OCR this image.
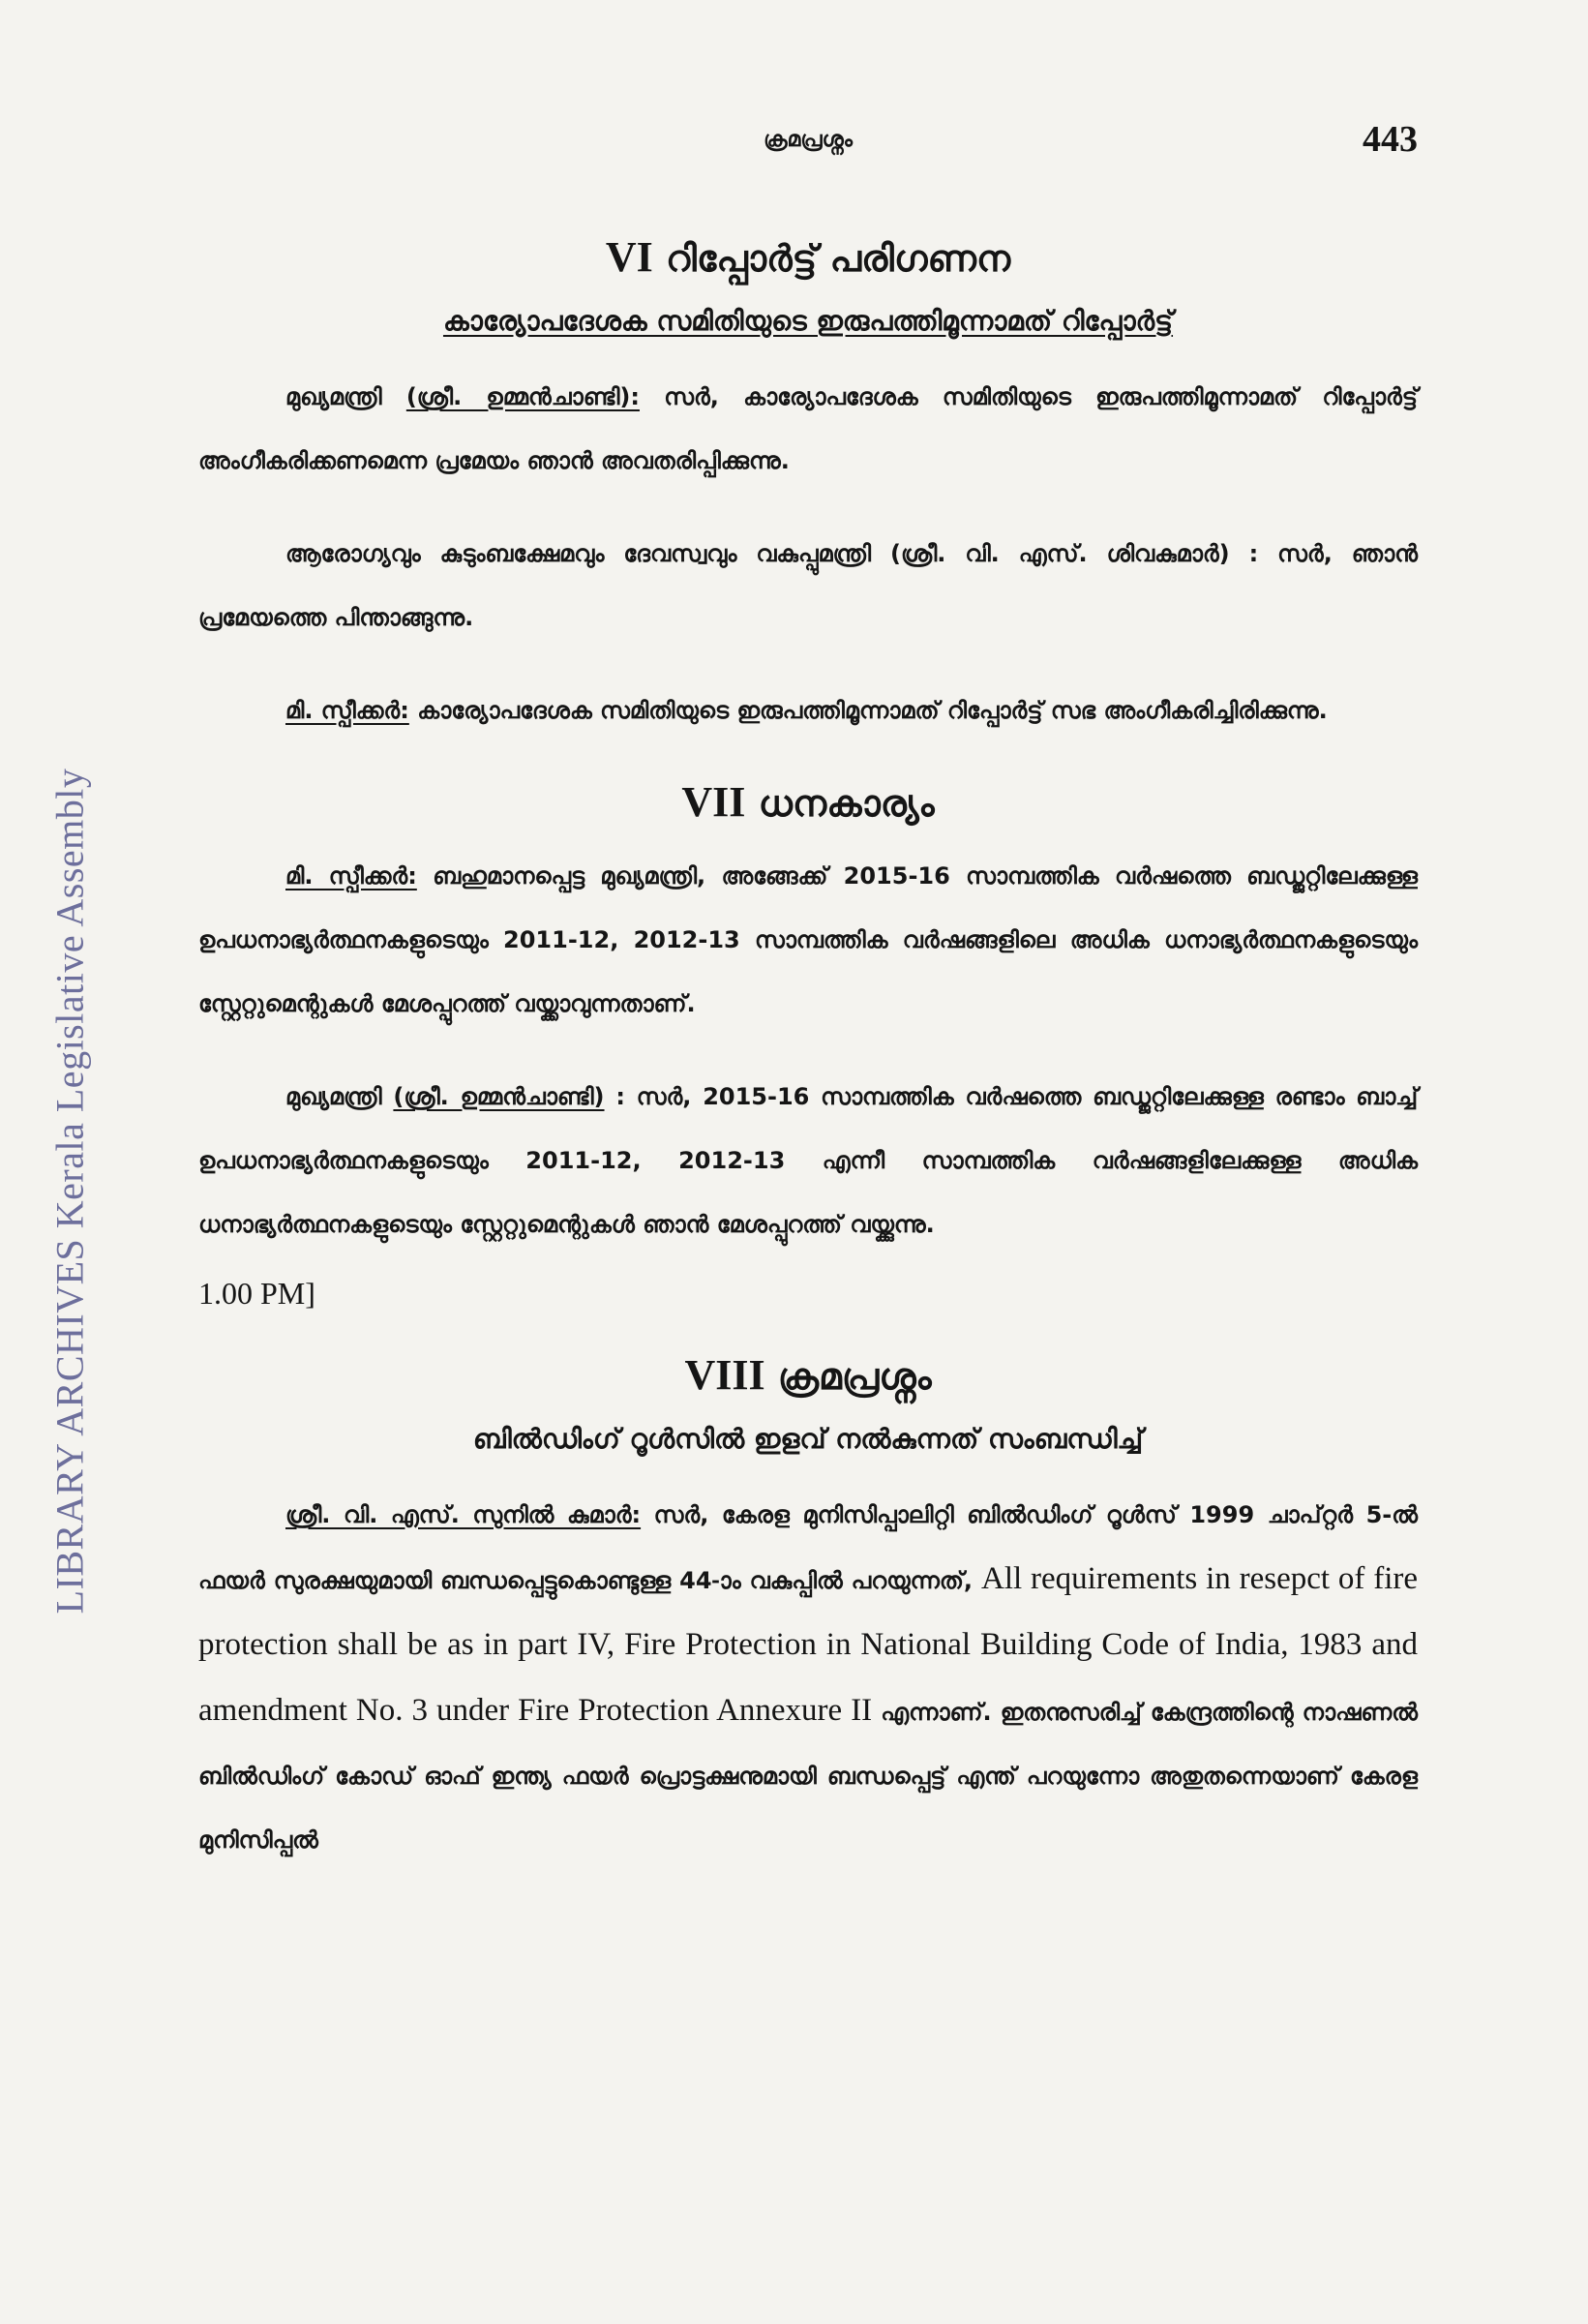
LIBRARY ARCHIVES Kerala Legislative Assembly
ക്രമപ്രശ്നം	443
VI റിപ്പോർട്ട് പരിഗണന
കാര്യോപദേശക സമിതിയുടെ ഇരുപത്തിമൂന്നാമത് റിപ്പോർട്ട്

മുഖ്യമന്ത്രി (ശ്രീ. ഉമ്മൻചാണ്ടി): സർ, കാര്യോപദേശക സമിതിയുടെ ഇരുപത്തിമൂന്നാമത് റിപ്പോർട്ട് അംഗീകരിക്കണമെന്ന പ്രമേയം ഞാൻ അവതരിപ്പിക്കുന്നു.

ആരോഗ്യവും കുടുംബക്ഷേമവും ദേവസ്വവും വകുപ്പുമന്ത്രി (ശ്രീ. വി. എസ്. ശിവകുമാർ) : സർ, ഞാൻ പ്രമേയത്തെ പിന്താങ്ങുന്നു.

മി. സ്പീക്കർ: കാര്യോപദേശക സമിതിയുടെ ഇരുപത്തിമൂന്നാമത് റിപ്പോർട്ട് സഭ അംഗീകരിച്ചിരിക്കുന്നു.

VII ധനകാര്യം

മി. സ്പീക്കർ: ബഹുമാനപ്പെട്ട മുഖ്യമന്ത്രി, അങ്ങേക്ക് 2015-16 സാമ്പത്തിക വർഷത്തെ ബഡ്ജറ്റിലേക്കുള്ള ഉപധനാഭ്യർത്ഥനകളുടെയും 2011-12, 2012-13 സാമ്പത്തിക വർഷങ്ങളിലെ അധിക ധനാഭ്യർത്ഥനകളുടെയും സ്റ്റേറ്റുമെന്റുകൾ മേശപ്പുറത്ത് വയ്ക്കാവുന്നതാണ്.

മുഖ്യമന്ത്രി (ശ്രീ. ഉമ്മൻചാണ്ടി) : സർ, 2015-16 സാമ്പത്തിക വർഷത്തെ ബഡ്ജറ്റിലേക്കുള്ള രണ്ടാം ബാച്ച് ഉപധനാഭ്യർത്ഥനകളുടെയും 2011-12, 2012-13 എന്നീ സാമ്പത്തിക വർഷങ്ങളിലേക്കുള്ള അധിക ധനാഭ്യർത്ഥനകളുടെയും സ്റ്റേറ്റുമെന്റുകൾ ഞാൻ മേശപ്പുറത്ത് വയ്ക്കുന്നു.

1.00 PM]
VIII ക്രമപ്രശ്നം
ബിൽഡിംഗ് റൂൾസിൽ ഇളവ് നൽകുന്നത് സംബന്ധിച്ച്

ശ്രീ. വി. എസ്. സുനിൽ കുമാർ: സർ, കേരള മുനിസിപ്പാലിറ്റി ബിൽഡിംഗ് റൂൾസ് 1999 ചാപ്റ്റർ 5-ൽ ഫയർ സുരക്ഷയുമായി ബന്ധപ്പെട്ടുകൊണ്ടുള്ള 44-ാം വകുപ്പിൽ പറയുന്നത്, All requirements in resepct of fire protection shall be as in part IV, Fire Protection in National Building Code of India, 1983 and amendment No. 3 under Fire Protection Annexure II എന്നാണ്. ഇതനുസരിച്ച് കേന്ദ്രത്തിന്റെ നാഷണൽ ബിൽഡിംഗ് കോഡ് ഓഫ് ഇന്ത്യ ഫയർ പ്രൊട്ടക്ഷനുമായി ബന്ധപ്പെട്ട് എന്ത് പറയുന്നോ അതുതന്നെയാണ് കേരള മുനിസിപ്പൽ
